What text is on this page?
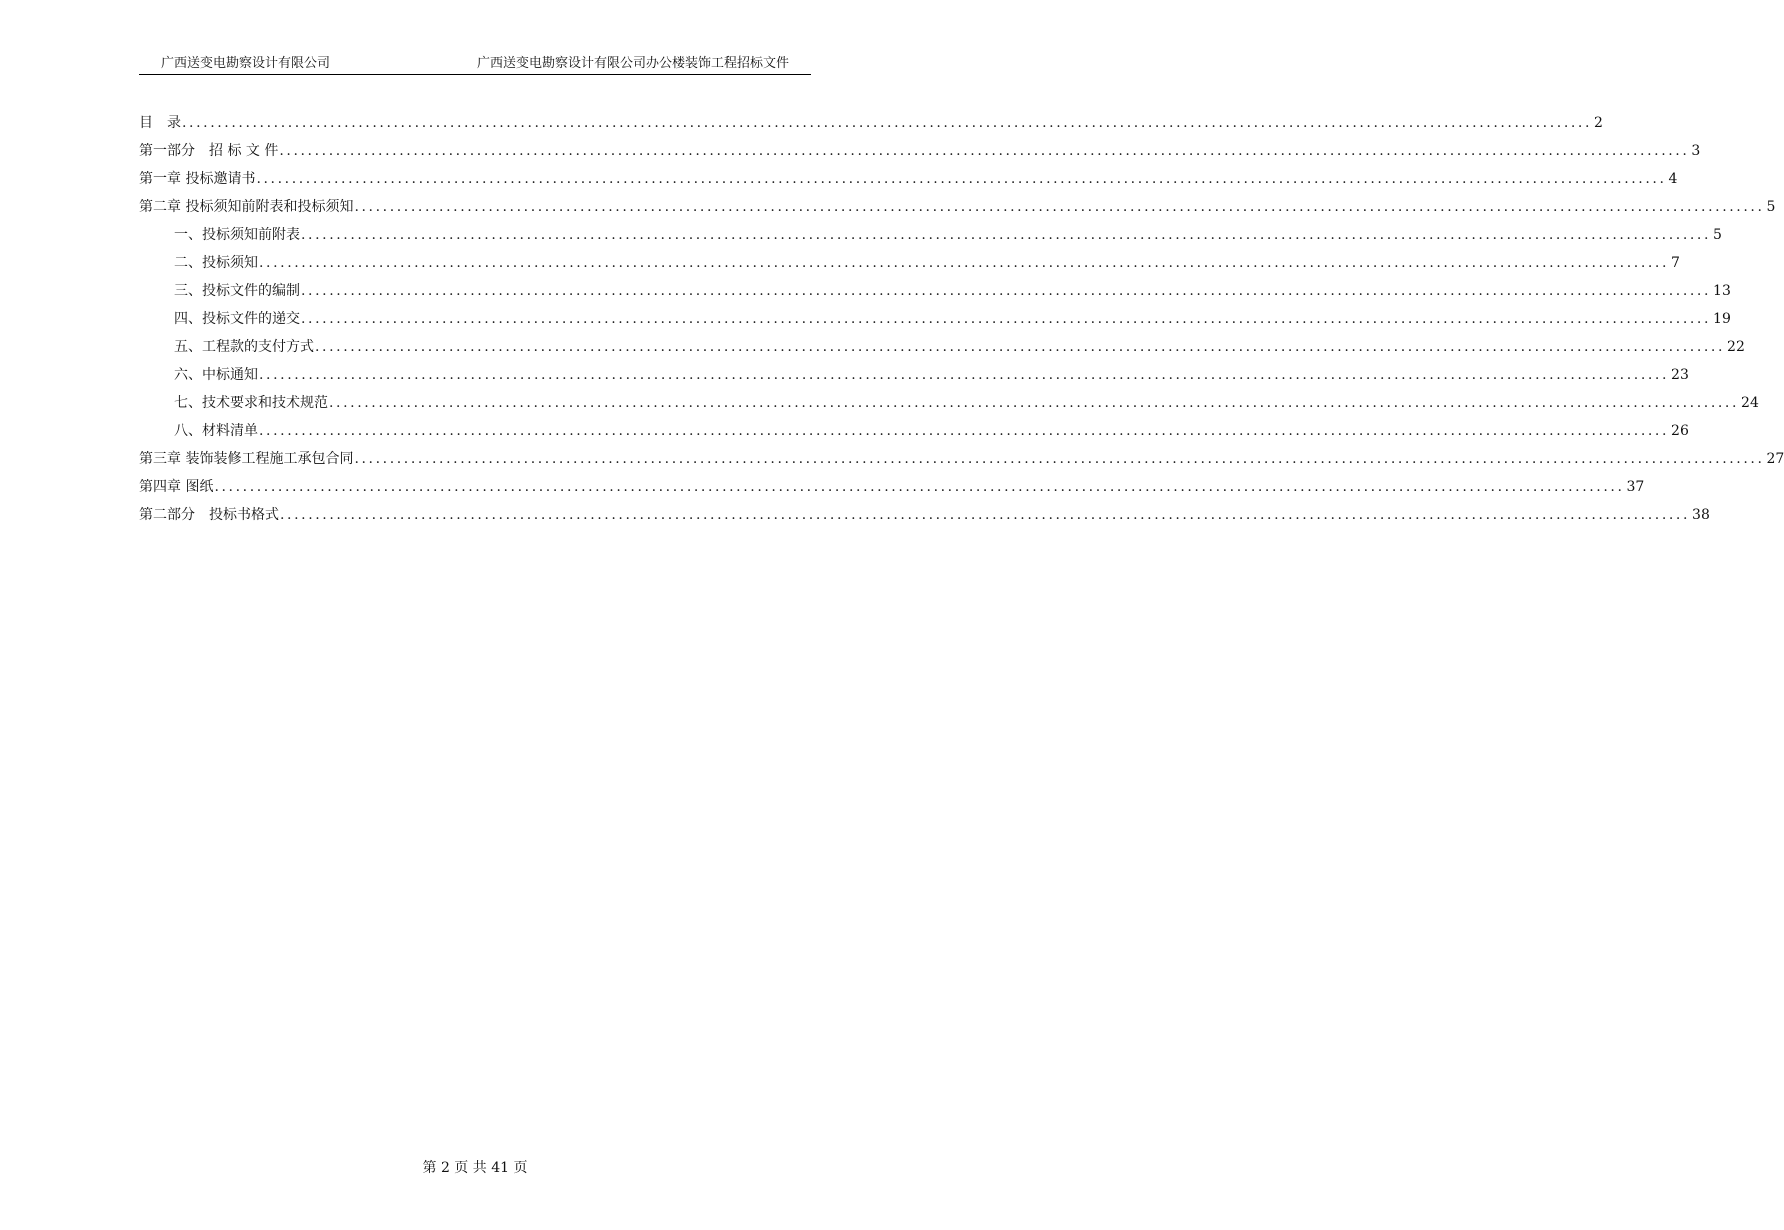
广西送变电勘察设计有限公司	广西送变电勘察设计有限公司办公楼装饰工程招标文件
目　录 ........................................................................................................................................................................................................ 2
第一部分　招 标 文 件 ........................................................................................................................................................................................................ 3
第一章 投标邀请书 ........................................................................................................................................................................................................ 4
第二章 投标须知前附表和投标须知 ........................................................................................................................................................................................................ 5
一、投标须知前附表 ........................................................................................................................................................................................................ 5
二、投标须知 ........................................................................................................................................................................................................ 7
三、投标文件的编制 ........................................................................................................................................................................................................ 13
四、投标文件的递交 ........................................................................................................................................................................................................ 19
五、工程款的支付方式 ........................................................................................................................................................................................................ 22
六、中标通知 ........................................................................................................................................................................................................ 23
七、技术要求和技术规范 ........................................................................................................................................................................................................ 24
八、材料清单 ........................................................................................................................................................................................................ 26
第三章 装饰装修工程施工承包合同 ........................................................................................................................................................................................................ 27
第四章 图纸 ........................................................................................................................................................................................................ 37
第二部分　投标书格式 ........................................................................................................................................................................................................ 38
第 2 页 共 41 页
